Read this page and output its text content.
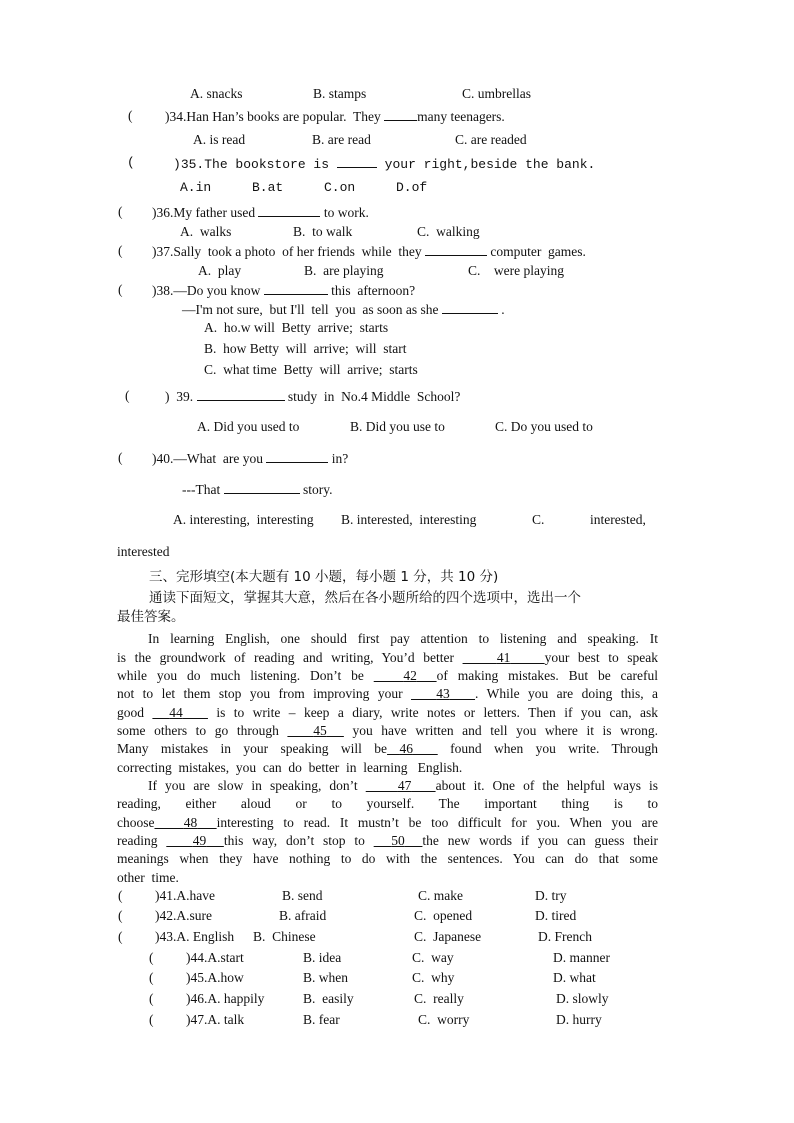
A. snacks	B. stamps	C. umbrellas
( )34.Han Han’s books are popular.  They	many teenagers.
A. is read	B. are read	C. are readed
(	)35.The bookstore is	your right,beside the bank.
A.in	B.at	C.on	D.of
( )36.My father used	to work.
A.  walks	B.  to walk	C.  walking
( )37.Sally  took a photo  of her friends  while  they	computer  games.
A.  play	B.  are playing	C.    were playing
( )38.—Do you know	this  afternoon?
—I'm not sure,  but I'll  tell  you  as soon as she	.
A.  ho.w will  Betty  arrive;  starts
B.  how Betty  will  arrive;  will  start
C.  what time  Betty  will  arrive;  starts
(	) 39.	study  in  No.4 Middle  School?
A. Did you used to	B. Did you use to	C. Do you used to
( )40.—What  are you	in?
---That	story.
A. interesting,  interesting B. interested,  interesting	C.	interested,
interested
三、完形填空(本大题有 10 小题，每小题 1 分，共 10 分)
通读下面短文，掌握其大意，然后在各小题所给的四个选项中，选出一个
最佳答案。
In learning English, one should first pay attention to listening and speaking. It
is the groundwork of reading and writing, You’d better	41	your best to speak
while you do much listening. Don’t be	42 of making mistakes. But be careful
not to let them stop you from improving your 43 . While you are doing this, a
good 44 is to write – keep a diary, write notes or letters. Then if you can, ask
some others to go through	45 you have written and tell you where it is wrong.
Many mistakes in your speaking will be 46	found when you write. Through
correcting  mistakes,  you  can  do  better  in  learning   English.
If you are slow in speaking, don’t	47 about it. One of the helpful ways is
reading, either aloud or to yourself. The important thing is to
choose 48 interesting to read. It mustn’t be too difficult for you. When you are
reading	49 this way, don’t stop to 50 the new words if you can guess their
meanings when they have nothing to do with the sentences. You can do that some
other  time.
( )41.A.have	B. send	C. make	D. try
( )42.A.sure	B. afraid	C.  opened	D. tired
( )43.A. English B.  Chinese	C.  Japanese	D. French
( )44.A.start	B. idea	C.  way	D. manner
( )45.A.how	B. when	C.  why	D. what
( )46.A. happily	B.  easily	C.  really	D. slowly
( )47.A. talk	B. fear	C.  worry	D. hurry
